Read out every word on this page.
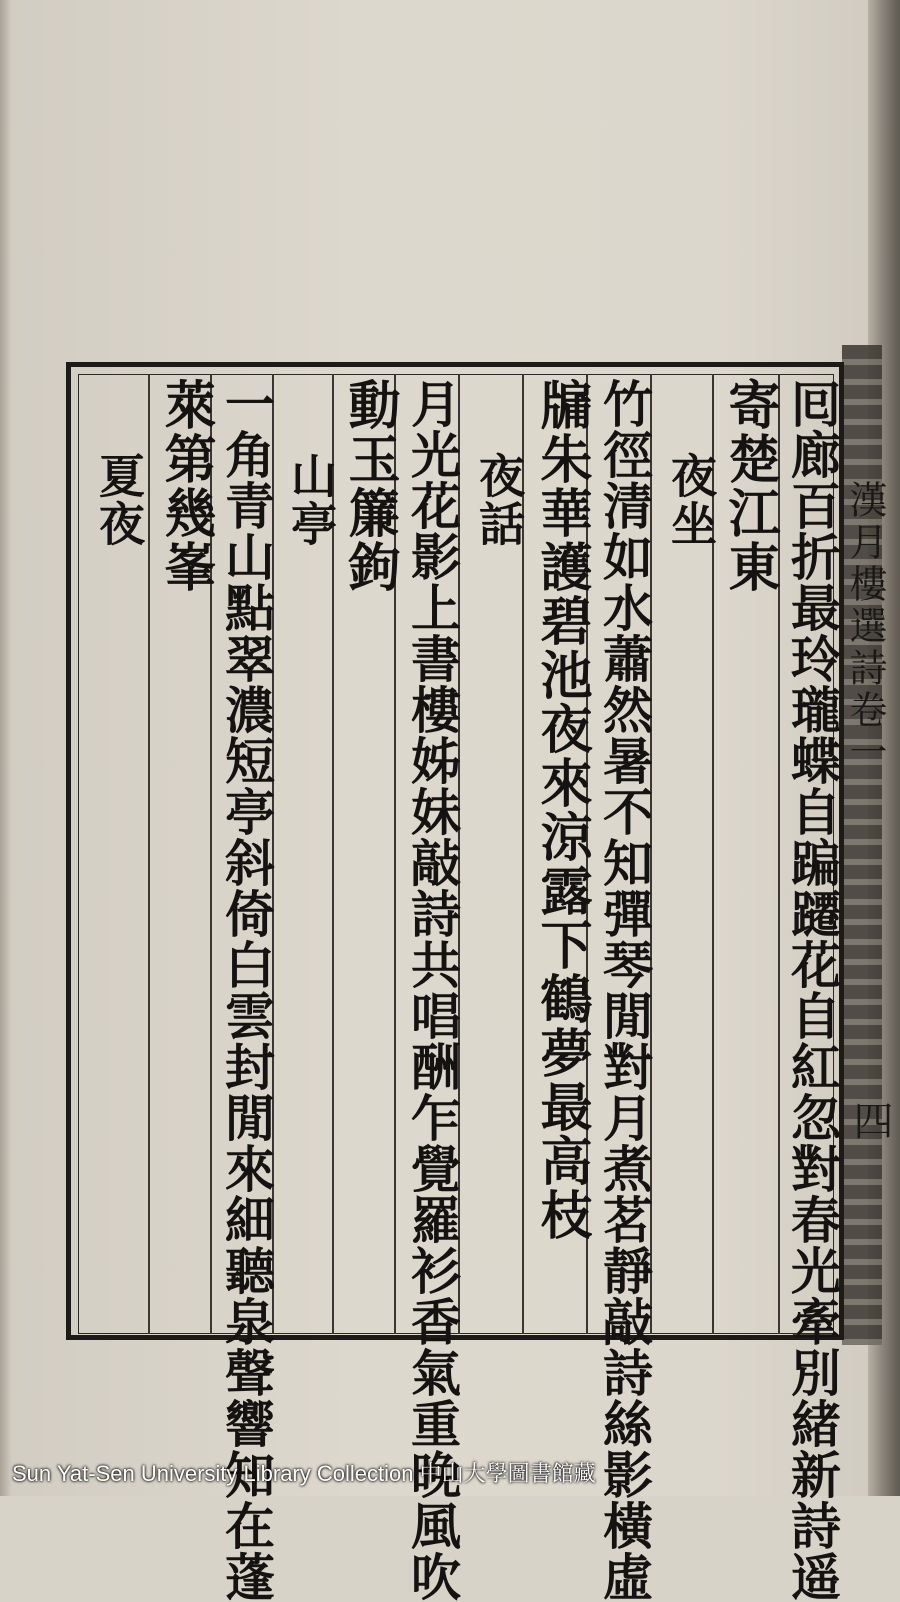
囘廊百折最玲瓏蝶自蹁躚花自紅忽對春光牽別緒新詩遥
寄楚江東
夜坐
竹徑清如水蕭然暑不知彈琴閒對月煮茗靜敲詩絲影橫虛
牖朱華護碧池夜來涼露下鶴夢最高枝
夜話
月光花影上書樓姊妹敲詩共唱酬乍覺羅衫香氣重晚風吹
動玉簾鉤
山亭
一角青山點翠濃短亭斜倚白雲封閒來細聽泉聲響知在蓬
萊第幾峯
夏夜	漢月樓選詩卷一
四
Sun Yat-Sen University Library Collection 中山大學圖書館藏
